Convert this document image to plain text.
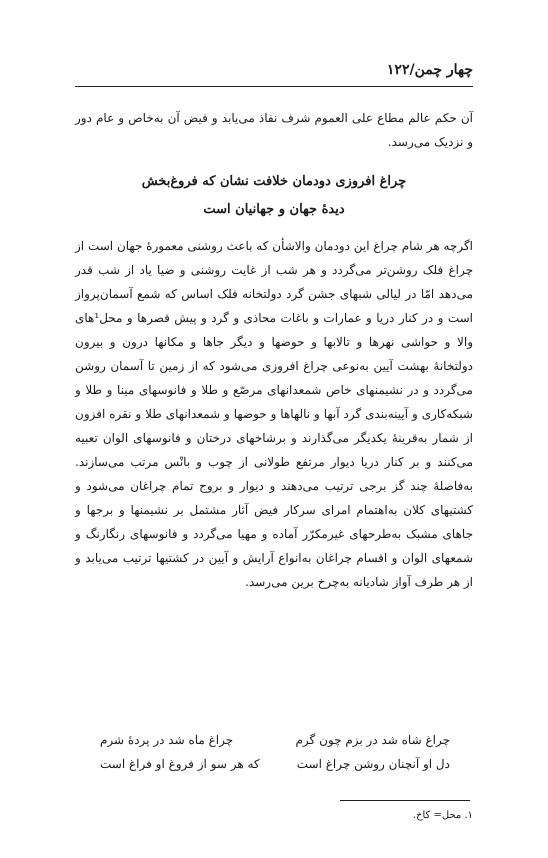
چهار چمن/۱۲۲

آن حکم عالم مطاع علی العموم شرف نفاذ می‌یابد و فیض آن به‌خاص و عام دور و نزدیک می‌رسد.

چراغ افروزی دودمان خلافت نشان که فروغ‌بخش
دیدهٔ جهان و جهانیان است

اگرچه هر شام چراغ این دودمان والاشأن که باعث روشنی معمورهٔ جهان است از چراغ فلک روشن‌تر می‌گردد و هر شب از غایت روشنی و ضیا یاد از شب قدر می‌دهد امّا در لیالی شبهای جشن گرد دولتخانه فلک اساس که شمع آسمان‌پرواز است و در کنار دریا و عمارات و باغات محاذی و گرد و پیش قصرها و محل¹های والا و حواشی نهرها و تالابها و حوضها و دیگر جاها و مکانها درون و بیرون دولتخانهٔ بهشت آیین به‌نوعی چراغ افروزی می‌شود که از زمین تا آسمان روشن می‌گردد و در نشیمنهای خاص شمعدانهای مرصّع و طلا و فانوسهای مینا و طلا و شبکه‌کاری و آیینه‌بندی گرد آبها و نالهاها و حوضها و شمعدانهای طلا و نقره افزون از شمار به‌قرینهٔ یکدیگر می‌گذارند و برشاخهای درختان و فانوسهای الوان تعبیه می‌کنند و بر کنار دریا دیوار مرتفع طولانی از چوب و بانْس مرتب می‌سازند. به‌فاصلهٔ چند گز برجی ترتیب می‌دهند و دیوار و بروج تمام چراغان می‌شود و کشتیهای کلان به‌اهتمام امرای سرکار فیض آثار مشتمل بر نشیمنها و برجها و جاهای مشبک به‌طرحهای غیرمکرّر آماده و مهیا می‌گردد و فانوسهای رنگارنگ و شمعهای الوان و اقسام چراغان به‌انواع آرایش و آیین در کشتیها ترتیب می‌یابد و از هر طرف آواز شادیانه به‌چرخ برین می‌رسد.

چراغ شاه شد در بزم چون گرم
چراغ ماه شد در پردهٔ شرم
دل او آنچنان روشن چراغ است
که هر سو از فروغ او فراغ است
۱. محل= کاخ.
